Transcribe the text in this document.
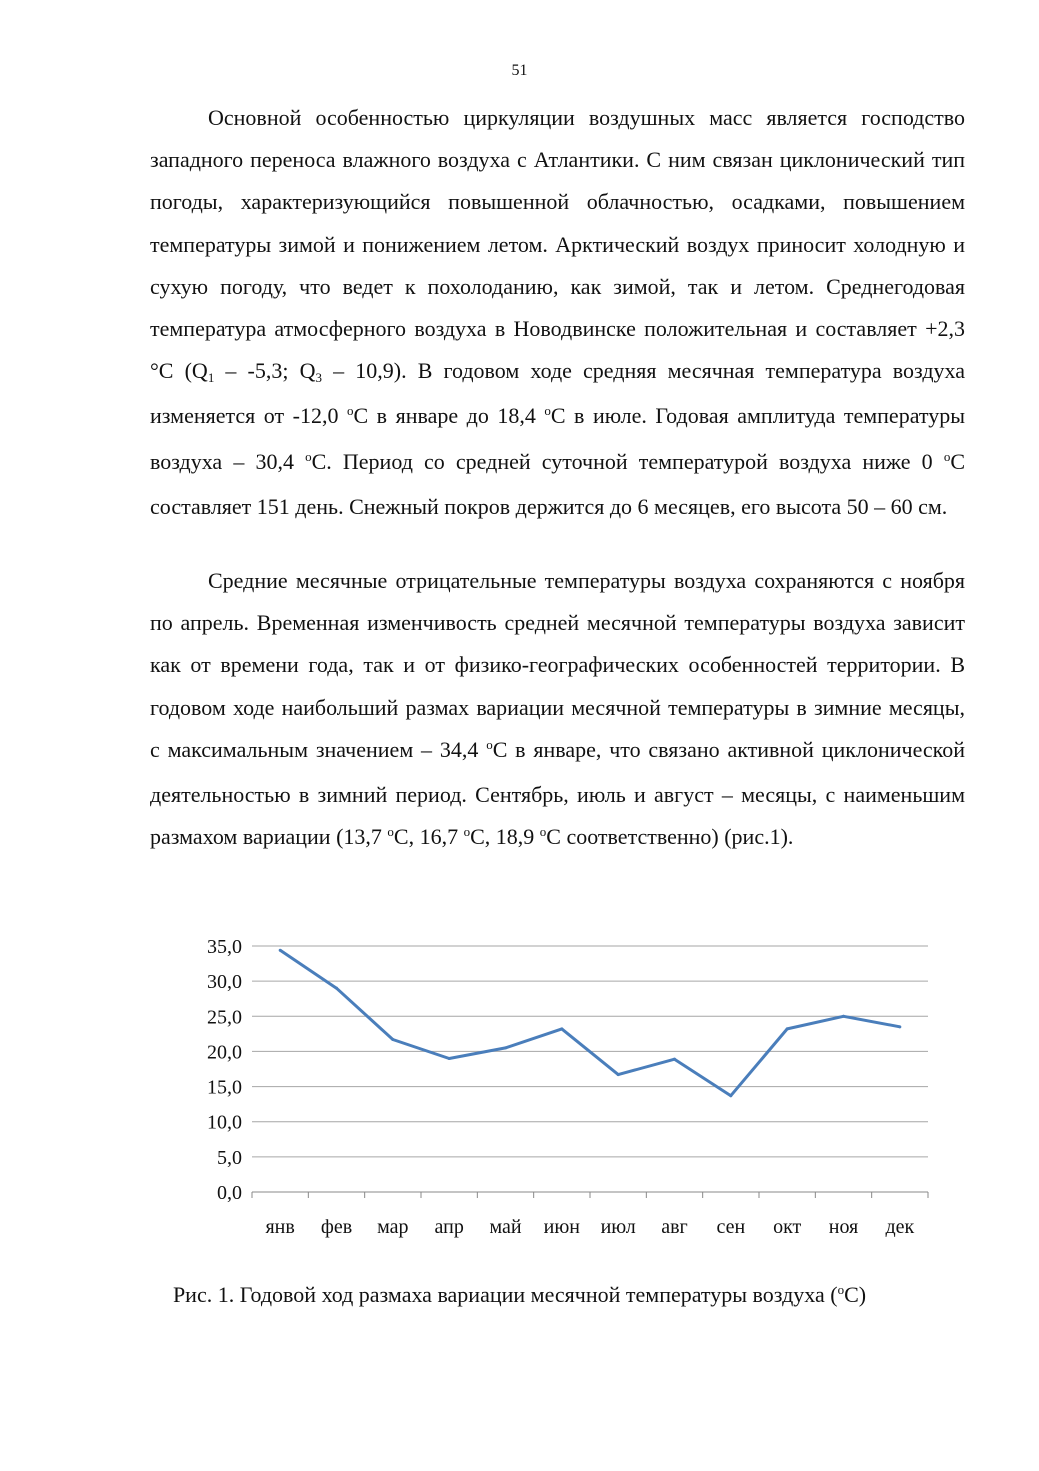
51

Основной особенностью циркуляции воздушных масс является господство западного переноса влажного воздуха с Атлантики. С ним связан циклонический тип погоды, характеризующийся повышенной облачностью, осадками, повышением температуры зимой и понижением летом. Арктический воздух приносит холодную и сухую погоду, что ведет к похолоданию, как зимой, так и летом. Среднегодовая температура атмосферного воздуха в Новодвинске положительная и составляет +2,3 °С ($Q_1 - -5,3$; $Q_3 - 10,9$). В годовом ходе средняя месячная температура воздуха изменяется от -12,0 $^o$С в январе до 18,4 $^o$С в июле. Годовая амплитуда температуры воздуха – 30,4 $^o$С. Период со средней суточной температурой воздуха ниже 0 $^o$С составляет 151 день. Снежный покров держится до 6 месяцев, его высота 50 – 60 см.

Средние месячные отрицательные температуры воздуха сохраняются с ноября по апрель. Временная изменчивость средней месячной температуры воздуха зависит как от времени года, так и от физико-географических особенностей территории. В годовом ходе наибольший размах вариации месячной температуры в зимние месяцы, с максимальным значением – 34,4 $^o$С в январе, что связано активной циклонической деятельностью в зимний период. Сентябрь, июль и август – месяцы, с наименьшим размахом вариации (13,7 $^o$С, 16,7 $^o$С, 18,9 $^o$С соответственно) (рис.1).

35,0
30,0
25,0
20,0
15,0
10,0
5,0
0,0
янв фев мар апр май июн июл авг сен окт ноя дек
Рис. 1. Годовой ход размаха вариации месячной температуры воздуха ($^o$С)
